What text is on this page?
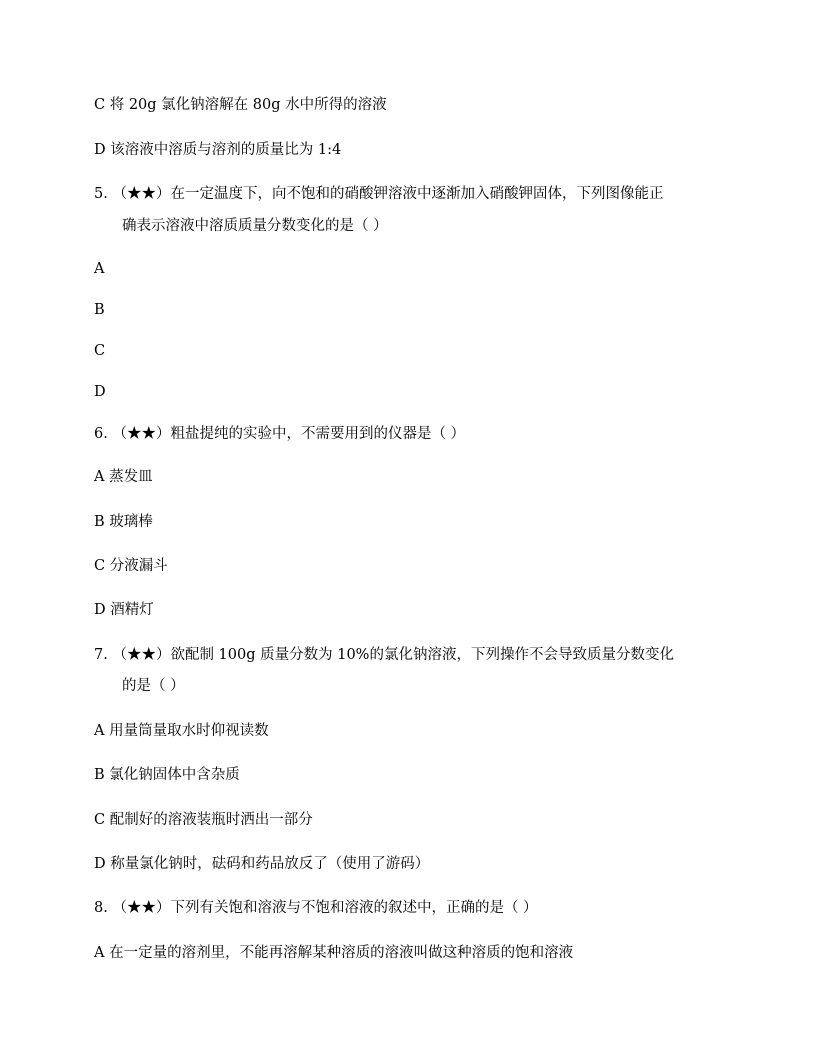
C 将 20g 氯化钠溶解在 80g 水中所得的溶液
D 该溶液中溶质与溶剂的质量比为 1:4
5. （★★）在一定温度下，向不饱和的硝酸钾溶液中逐渐加入硝酸钾固体，下列图像能正
确表示溶液中溶质质量分数变化的是（ ）
A
B
C
D
6. （★★）粗盐提纯的实验中，不需要用到的仪器是（ ）
A 蒸发皿
B 玻璃棒
C 分液漏斗
D 酒精灯
7. （★★）欲配制 100g 质量分数为 10%的氯化钠溶液，下列操作不会导致质量分数变化
的是（ ）
A 用量筒量取水时仰视读数
B 氯化钠固体中含杂质
C 配制好的溶液装瓶时洒出一部分
D 称量氯化钠时，砝码和药品放反了（使用了游码）
8. （★★）下列有关饱和溶液与不饱和溶液的叙述中，正确的是（ ）
A 在一定量的溶剂里，不能再溶解某种溶质的溶液叫做这种溶质的饱和溶液
